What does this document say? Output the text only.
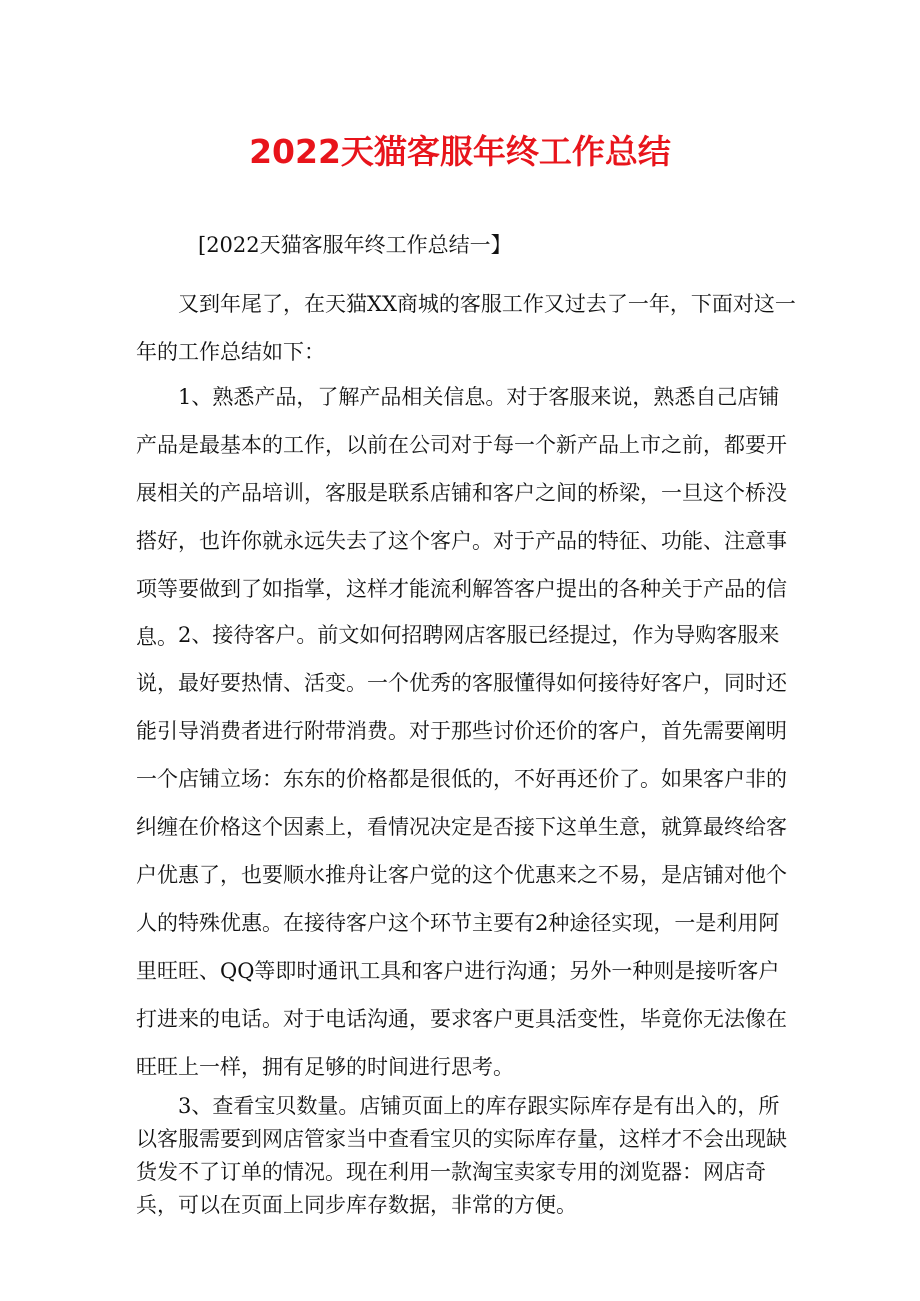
2022天猫客服年终工作总结

[2022天猫客服年终工作总结一】

又到年尾了，在天猫XX商城的客服工作又过去了一年，下面对这一年的工作总结如下：

1、熟悉产品，了解产品相关信息。对于客服来说，熟悉自己店铺产品是最基本的工作，以前在公司对于每一个新产品上市之前，都要开展相关的产品培训，客服是联系店铺和客户之间的桥梁，一旦这个桥没搭好，也许你就永远失去了这个客户。对于产品的特征、功能、注意事项等要做到了如指掌，这样才能流利解答客户提出的各种关于产品的信息。 2、接待客户。前文如何招聘网店客服已经提过，作为导购客服来说，最好要热情、活变。一个优秀的客服懂得如何接待好客户，同时还能引导消费者进行附带消费。对于那些讨价还价的客户，首先需要阐明一个店铺立场：东东的价格都是很低的，不好再还价了。如果客户非的纠缠在价格这个因素上，看情况决定是否接下这单生意，就算最终给客户优惠了，也要顺水推舟让客户觉的这个优惠来之不易，是店铺对他个人的特殊优惠。在接待客户这个环节主要有2种途径实现，一是利用阿里旺旺、QQ等即时通讯工具和客户进行沟通；另外一种则是接听客户打进来的电话。对于电话沟通，要求客户更具活变性，毕竟你无法像在旺旺上一样，拥有足够的时间进行思考。

3、查看宝贝数量。店铺页面上的库存跟实际库存是有出入的，所以客服需要到网店管家当中查看宝贝的实际库存量，这样才不会出现缺货发不了订单的情况。现在利用一款淘宝卖家专用的浏览器：网店奇兵，可以在页面上同步库存数据，非常的方便。
